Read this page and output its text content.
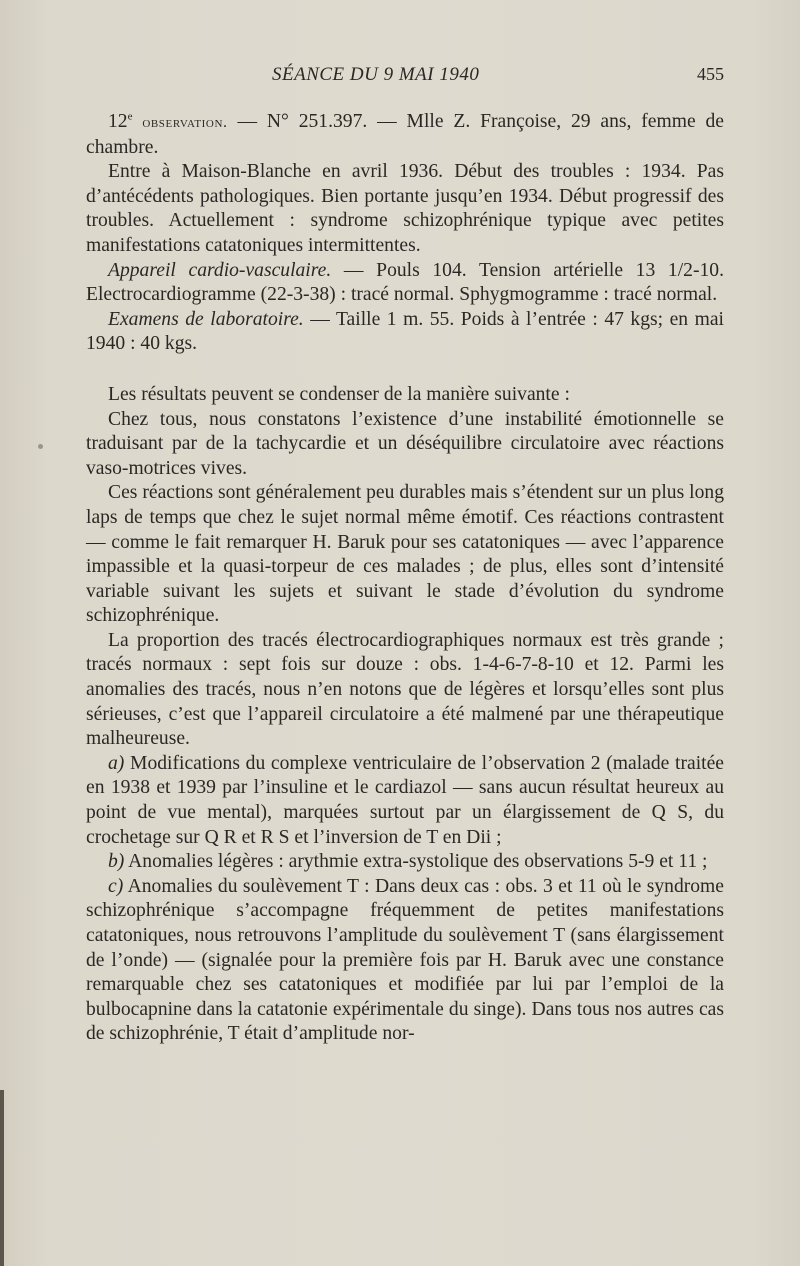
SÉANCE DU 9 MAI 1940	455

12e observation. — N° 251.397. — Mlle Z. Françoise, 29 ans, femme de chambre.

Entre à Maison-Blanche en avril 1936. Début des troubles : 1934. Pas d’antécédents pathologiques. Bien portante jusqu’en 1934. Début progressif des troubles. Actuellement : syndrome schizophrénique typique avec petites manifestations catatoniques intermittentes.

Appareil cardio-vasculaire. — Pouls 104. Tension artérielle 13 1/2-10. Electrocardiogramme (22-3-38) : tracé normal. Sphygmogramme : tracé normal.

Examens de laboratoire. — Taille 1 m. 55. Poids à l’entrée : 47 kgs; en mai 1940 : 40 kgs.

Les résultats peuvent se condenser de la manière suivante :

Chez tous, nous constatons l’existence d’une instabilité émotionnelle se traduisant par de la tachycardie et un déséquilibre circulatoire avec réactions vaso-motrices vives.

Ces réactions sont généralement peu durables mais s’étendent sur un plus long laps de temps que chez le sujet normal même émotif. Ces réactions contrastent — comme le fait remarquer H. Baruk pour ses catatoniques — avec l’apparence impassible et la quasi-torpeur de ces malades ; de plus, elles sont d’intensité variable suivant les sujets et suivant le stade d’évolution du syndrome schizophrénique.

La proportion des tracés électrocardiographiques normaux est très grande ; tracés normaux : sept fois sur douze : obs. 1-4-6-7-8-10 et 12. Parmi les anomalies des tracés, nous n’en notons que de légères et lorsqu’elles sont plus sérieuses, c’est que l’appareil circulatoire a été malmené par une thérapeutique malheureuse.

a) Modifications du complexe ventriculaire de l’observation 2 (malade traitée en 1938 et 1939 par l’insuline et le cardiazol — sans aucun résultat heureux au point de vue mental), marquées surtout par un élargissement de Q S, du crochetage sur Q R et R S et l’inversion de T en Dii ;

b) Anomalies légères : arythmie extra-systolique des observations 5-9 et 11 ;

c) Anomalies du soulèvement T : Dans deux cas : obs. 3 et 11 où le syndrome schizophrénique s’accompagne fréquemment de petites manifestations catatoniques, nous retrouvons l’amplitude du soulèvement T (sans élargissement de l’onde) — (signalée pour la première fois par H. Baruk avec une constance remarquable chez ses catatoniques et modifiée par lui par l’emploi de la bulbocapnine dans la catatonie expérimentale du singe). Dans tous nos autres cas de schizophrénie, T était d’amplitude nor-
